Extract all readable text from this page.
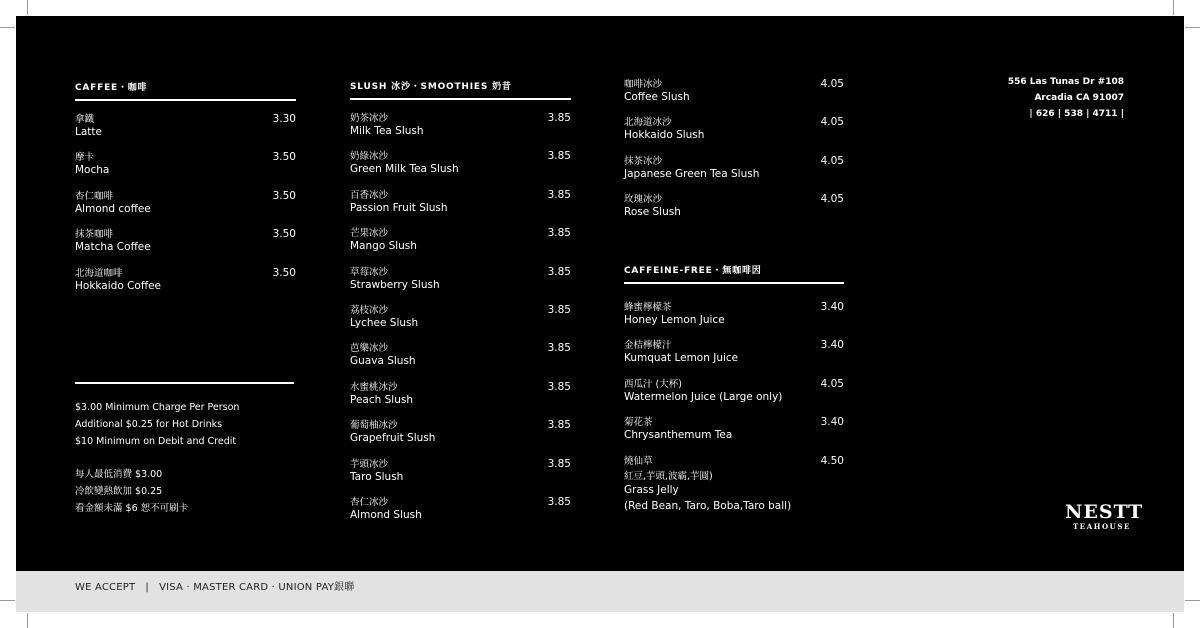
CAFFEE・咖啡
拿鐵
Latte
3.30
摩卡
Mocha
3.50
杏仁咖啡
Almond coffee
3.50
抹茶咖啡
Matcha Coffee
3.50
北海道咖啡
Hokkaido Coffee
3.50
$3.00 Minimum Charge Per Person
Additional $0.25 for Hot Drinks
$10 Minimum on Debit and Credit
每人最低消費 $3.00
冷飲變熱飲加 $0.25
看金額未滿 $6 恕不可刷卡
SLUSH 冰沙・SMOOTHIES 奶昔
奶茶冰沙
Milk Tea Slush
3.85
奶綠冰沙
Green Milk Tea Slush
3.85
百香冰沙
Passion Fruit Slush
3.85
芒果冰沙
Mango Slush
3.85
草莓冰沙
Strawberry Slush
3.85
荔枝冰沙
Lychee Slush
3.85
芭樂冰沙
Guava Slush
3.85
水蜜桃冰沙
Peach Slush
3.85
葡萄柚冰沙
Grapefruit Slush
3.85
芋頭冰沙
Taro Slush
3.85
杏仁冰沙
Almond Slush
3.85
咖啡冰沙
Coffee Slush
4.05
北海道冰沙
Hokkaido Slush
4.05
抹茶冰沙
Japanese Green Tea Slush
4.05
玫瑰冰沙
Rose Slush
4.05
CAFFEINE-FREE・無咖啡因
蜂蜜檸檬茶
Honey Lemon Juice
3.40
金桔檸檬汁
Kumquat Lemon Juice
3.40
西瓜汁 (大杯)
Watermelon Juice (Large only)
4.05
菊花茶
Chrysanthemum Tea
3.40
燒仙草	4.50
紅豆,芋頭,波霸,芋圓)
Grass Jelly
(Red Bean, Taro, Boba,Taro ball)
556 Las Tunas Dr #108
Arcadia CA 91007
| 626 | 538 | 4711 |
NESTT
TEAHOUSE
WE ACCEPT   |   VISA · MASTER CARD · UNION PAY銀聯
